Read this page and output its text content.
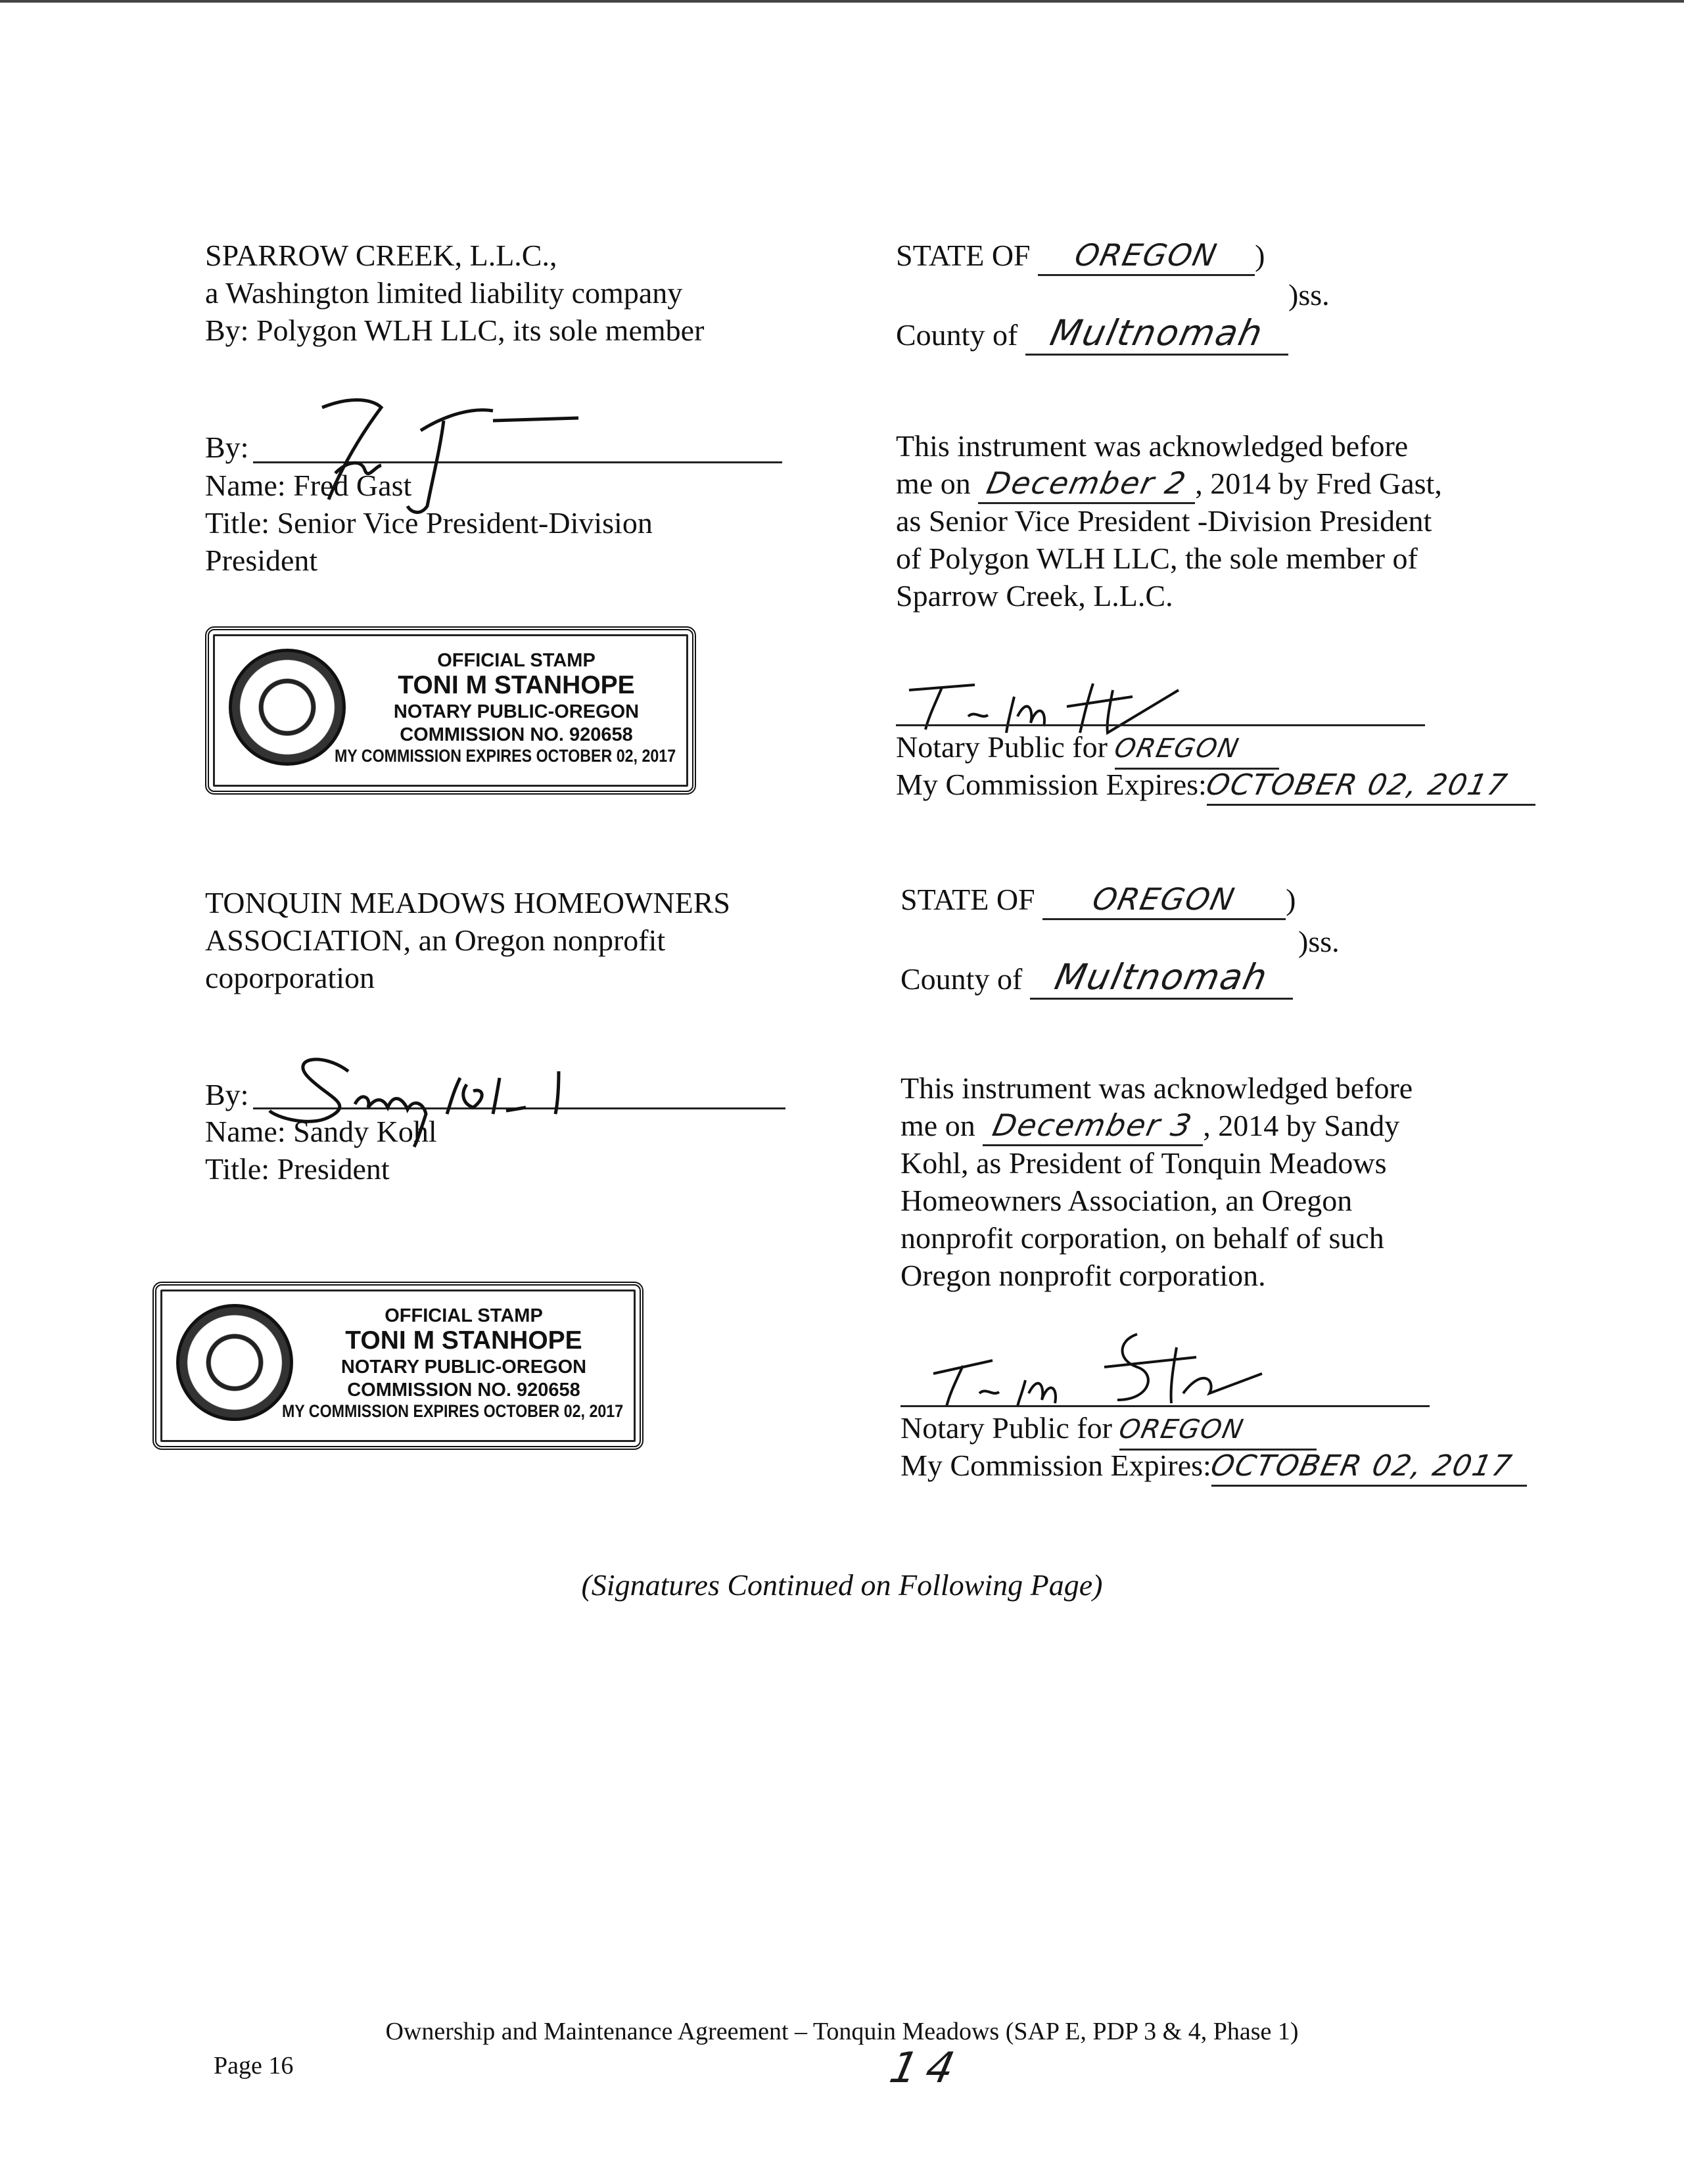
SPARROW CREEK, L.L.C.,
a Washington limited liability company
By: Polygon WLH LLC, its sole member
By:
Name: Fred Gast
Title: Senior Vice President-Division
President
OFFICIAL STAMP
TONI M STANHOPE
NOTARY PUBLIC-OREGON
COMMISSION NO. 920658
MY COMMISSION EXPIRES OCTOBER 02, 2017
STATE OF OREGON )
)ss.
County of Multnomah
This instrument was acknowledged before
me on December 2 , 2014 by Fred Gast,
as Senior Vice President -Division President
of Polygon WLH LLC, the sole member of
Sparrow Creek, L.L.C.
Notary Public for OREGON
My Commission Expires:OCTOBER 02, 2017
TONQUIN MEADOWS HOMEOWNERS
ASSOCIATION, an Oregon nonprofit
coporporation
By:
Name: Sandy Kohl
Title: President
OFFICIAL STAMP
TONI M STANHOPE
NOTARY PUBLIC-OREGON
COMMISSION NO. 920658
MY COMMISSION EXPIRES OCTOBER 02, 2017
STATE OF OREGON )
)ss.
County of Multnomah
This instrument was acknowledged before
me on December 3 , 2014 by Sandy
Kohl, as President of Tonquin Meadows
Homeowners Association, an Oregon
nonprofit corporation, on behalf of such
Oregon nonprofit corporation.
Notary Public for OREGON
My Commission Expires:OCTOBER 02, 2017
(Signatures Continued on Following Page)
Ownership and Maintenance Agreement – Tonquin Meadows (SAP E, PDP 3 & 4, Phase 1)
Page 16	14
